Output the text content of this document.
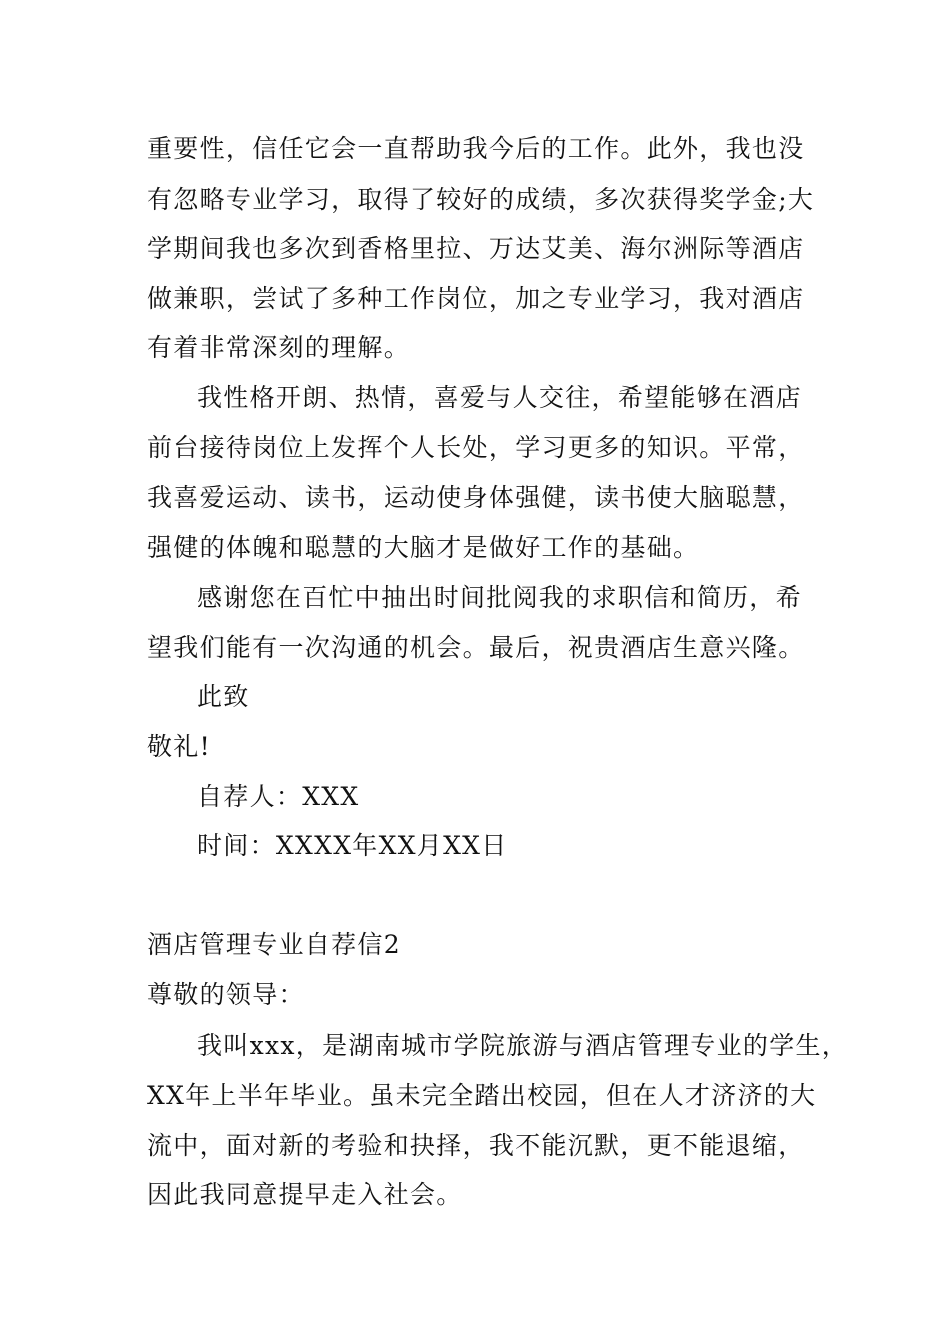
重要性，信任它会一直帮助我今后的工作。此外，我也没
有忽略专业学习，取得了较好的成绩，多次获得奖学金;大
学期间我也多次到香格里拉、万达艾美、海尔洲际等酒店
做兼职，尝试了多种工作岗位，加之专业学习，我对酒店
有着非常深刻的理解。
我性格开朗、热情，喜爱与人交往，希望能够在酒店
前台接待岗位上发挥个人长处，学习更多的知识。平常，
我喜爱运动、读书，运动使身体强健，读书使大脑聪慧，
强健的体魄和聪慧的大脑才是做好工作的基础。
感谢您在百忙中抽出时间批阅我的求职信和简历，希
望我们能有一次沟通的机会。最后，祝贵酒店生意兴隆。
此致
敬礼!
自荐人：XXX
时间：XXXX年XX月XX日
酒店管理专业自荐信2
尊敬的领导：
我叫xxx，是湖南城市学院旅游与酒店管理专业的学生，
XX年上半年毕业。虽未完全踏出校园，但在人才济济的大
流中，面对新的考验和抉择，我不能沉默，更不能退缩，
因此我同意提早走入社会。
